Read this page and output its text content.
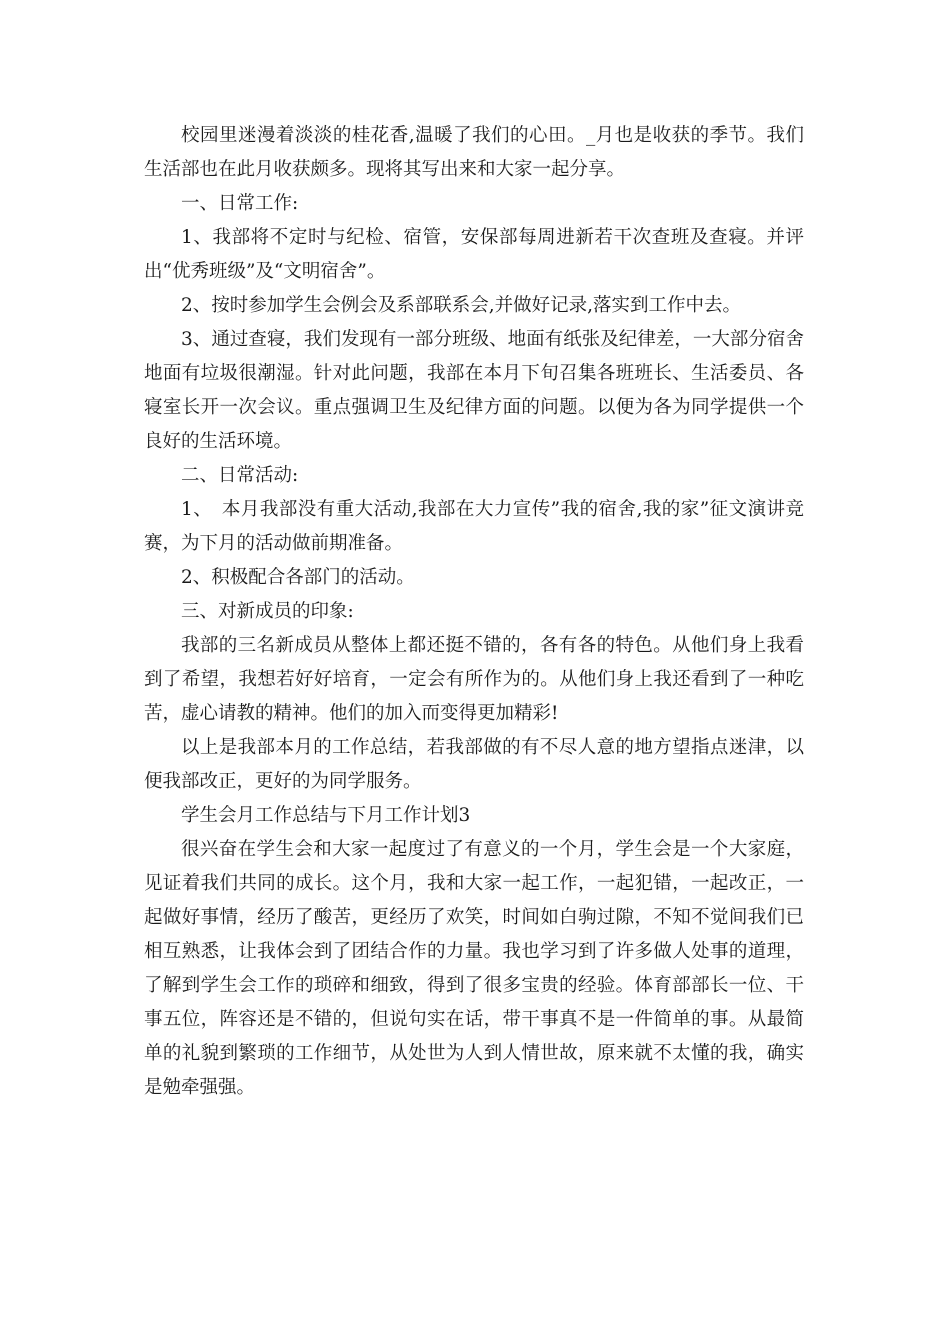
校园里迷漫着淡淡的桂花香,温暖了我们的心田。_月也是收获的季节。我们生活部也在此月收获颇多。现将其写出来和大家一起分享。

一、日常工作:

1、我部将不定时与纪检、宿管，安保部每周进新若干次查班及查寝。并评出“优秀班级”及“文明宿舍”。

2、按时参加学生会例会及系部联系会,并做好记录,落实到工作中去。

3、通过查寝，我们发现有一部分班级、地面有纸张及纪律差，一大部分宿舍地面有垃圾很潮湿。针对此问题，我部在本月下旬召集各班班长、生活委员、各寝室长开一次会议。重点强调卫生及纪律方面的问题。以便为各为同学提供一个良好的生活环境。

二、日常活动:

1、　本月我部没有重大活动,我部在大力宣传”我的宿舍,我的家”征文演讲竞赛，为下月的活动做前期准备。

2、积极配合各部门的活动。

三、对新成员的印象:

我部的三名新成员从整体上都还挺不错的，各有各的特色。从他们身上我看到了希望，我想若好好培育，一定会有所作为的。从他们身上我还看到了一种吃苦，虚心请教的精神。他们的加入而变得更加精彩!

以上是我部本月的工作总结，若我部做的有不尽人意的地方望指点迷津，以便我部改正，更好的为同学服务。

学生会月工作总结与下月工作计划3

很兴奋在学生会和大家一起度过了有意义的一个月，学生会是一个大家庭，见证着我们共同的成长。这个月，我和大家一起工作，一起犯错，一起改正，一起做好事情，经历了酸苦，更经历了欢笑，时间如白驹过隙，不知不觉间我们已相互熟悉，让我体会到了团结合作的力量。我也学习到了许多做人处事的道理，了解到学生会工作的琐碎和细致，得到了很多宝贵的经验。体育部部长一位、干事五位，阵容还是不错的，但说句实在话，带干事真不是一件简单的事。从最简单的礼貌到繁琐的工作细节，从处世为人到人情世故，原来就不太懂的我，确实是勉牵强强。
